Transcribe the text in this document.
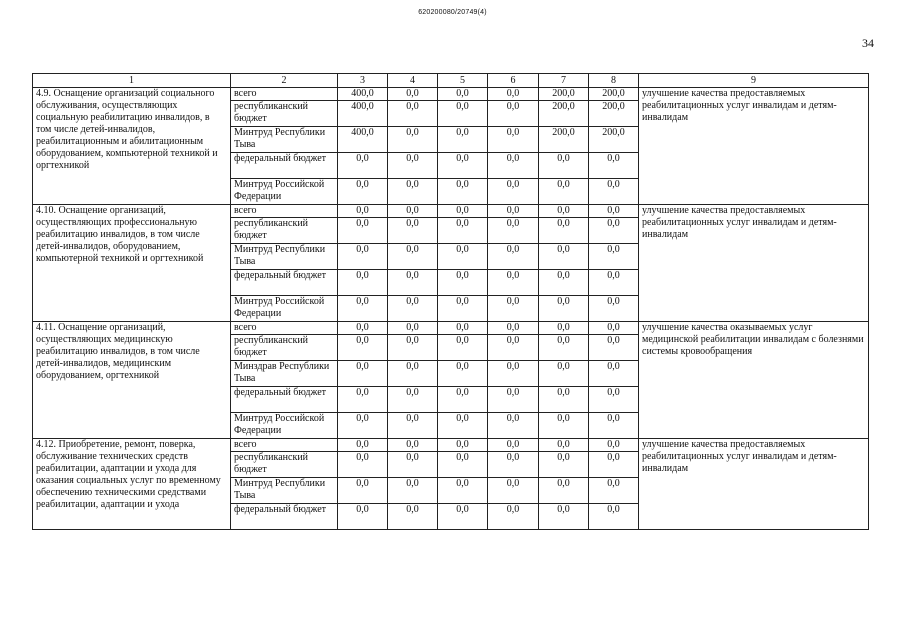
620200080/20749(4)
34
1	2	3	4	5	6	7	8	9
4.9. Оснащение организаций социального обслуживания, осуществляющих социальную реабилитацию инвалидов, в том числе детей-инвалидов, реабилитационным и абилитационным оборудованием, компьютерной техникой и оргтехникой	всего	400,0	0,0	0,0	0,0	200,0	200,0	улучшение качества предоставляемых реабилитационных услуг инвалидам и детям-инвалидам
	республиканский бюджет	400,0	0,0	0,0	0,0	200,0	200,0	
	Минтруд Республики Тыва	400,0	0,0	0,0	0,0	200,0	200,0	
	федеральный бюджет	0,0	0,0	0,0	0,0	0,0	0,0	
	Минтруд Российской Федерации	0,0	0,0	0,0	0,0	0,0	0,0	
4.10. Оснащение организаций, осуществляющих профессиональную реабилитацию инвалидов, в том числе детей-инвалидов, оборудованием, компьютерной техникой и оргтехникой	всего	0,0	0,0	0,0	0,0	0,0	0,0	улучшение качества предоставляемых реабилитационных услуг инвалидам и детям-инвалидам
	республиканский бюджет	0,0	0,0	0,0	0,0	0,0	0,0	
	Минтруд Республики Тыва	0,0	0,0	0,0	0,0	0,0	0,0	
	федеральный бюджет	0,0	0,0	0,0	0,0	0,0	0,0	
	Минтруд Российской Федерации	0,0	0,0	0,0	0,0	0,0	0,0	
4.11. Оснащение организаций, осуществляющих медицинскую реабилитацию инвалидов, в том числе детей-инвалидов, медицинским оборудованием, оргтехникой	всего	0,0	0,0	0,0	0,0	0,0	0,0	улучшение качества оказываемых услуг медицинской реабилитации инвалидам с болезнями системы кровообращения
	республиканский бюджет	0,0	0,0	0,0	0,0	0,0	0,0	
	Минздрав Республики Тыва	0,0	0,0	0,0	0,0	0,0	0,0	
	федеральный бюджет	0,0	0,0	0,0	0,0	0,0	0,0	
	Минтруд Российской Федерации	0,0	0,0	0,0	0,0	0,0	0,0	
4.12. Приобретение, ремонт, поверка, обслуживание технических средств реабилитации, адаптации и ухода для оказания социальных услуг по временному обеспечению техническими средствами реабилитации, адаптации и ухода	всего	0,0	0,0	0,0	0,0	0,0	0,0	улучшение качества предоставляемых реабилитационных услуг инвалидам и детям-инвалидам
	республиканский бюджет	0,0	0,0	0,0	0,0	0,0	0,0	
	Минтруд Республики Тыва	0,0	0,0	0,0	0,0	0,0	0,0	
	федеральный бюджет	0,0	0,0	0,0	0,0	0,0	0,0	
